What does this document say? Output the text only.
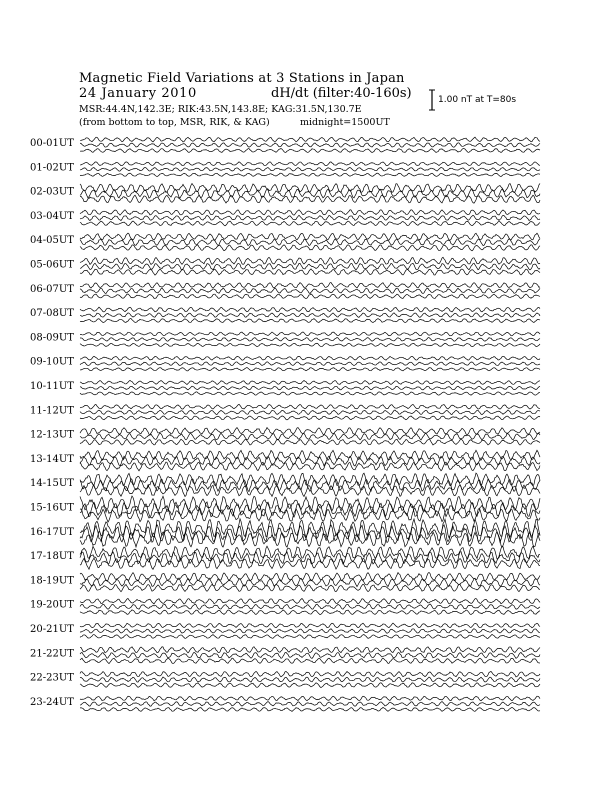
Magnetic Field Variations at 3 Stations in Japan
24 January 2010	dH/dt (filter:40-160s)
MSR:44.4N,142.3E; RIK:43.5N,143.8E; KAG:31.5N,130.7E
(from bottom to top, MSR, RIK, & KAG)	midnight=1500UT
1.00 nT at T=80s
00-01UT
01-02UT
02-03UT
03-04UT
04-05UT
05-06UT
06-07UT
07-08UT
08-09UT
09-10UT
10-11UT
11-12UT
12-13UT
13-14UT
14-15UT
15-16UT
16-17UT
17-18UT
18-19UT
19-20UT
20-21UT
21-22UT
22-23UT
23-24UT
